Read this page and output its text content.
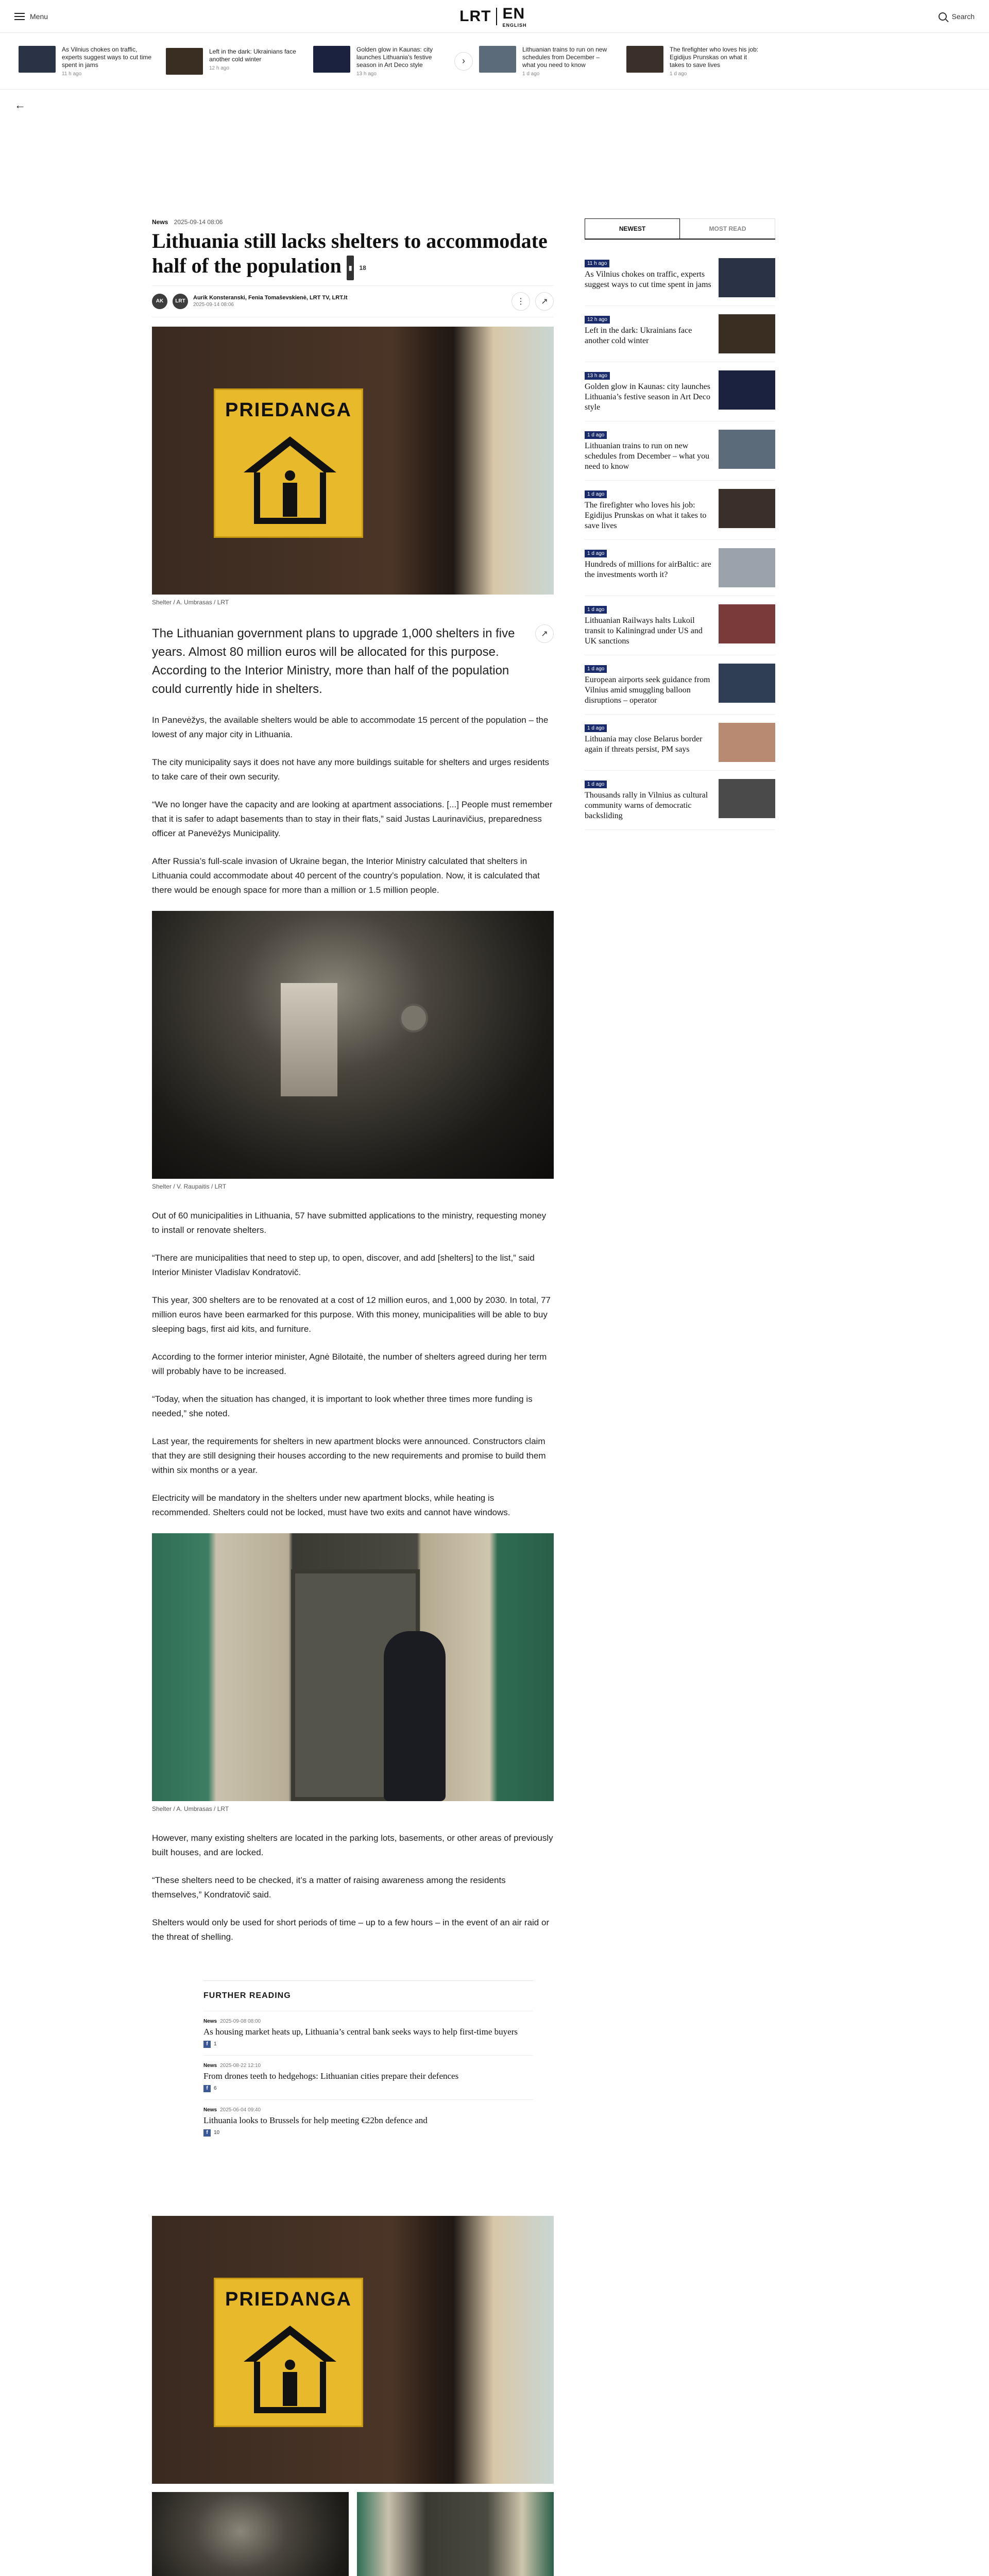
Menu	LRT EN
ENGLISH
Search
As Vilnius chokes on traffic, experts suggest ways to cut time spent in jams
11 h ago
Left in the dark: Ukrainians face another cold winter
12 h ago
Golden glow in Kaunas: city launches Lithuania's festive season in Art Deco style
13 h ago
›
Lithuanian trains to run on new schedules from December – what you need to know
1 d ago
The firefighter who loves his job: Egidijus Prunskas on what it takes to save lives
1 d ago
←
News 2025-09-14 08:06
Lithuania still lacks shelters to accommodate half of the population ▮ 18
AK	LRT
Aurik Konsteranski, Fenia Tomaševskienė, LRT TV, LRT.lt
2025-09-14 08:06	⋮	↗
PRIEDANGA
Shelter / A. Umbrasas / LRT

The Lithuanian government plans to upgrade 1,000 shelters in five years. Almost 80 million euros will be allocated for this purpose. According to the Interior Ministry, more than half of the population could currently hide in shelters.

↗

In Panevėžys, the available shelters would be able to accommodate 15 percent of the population – the lowest of any major city in Lithuania.

The city municipality says it does not have any more buildings suitable for shelters and urges residents to take care of their own security.

“We no longer have the capacity and are looking at apartment associations. [...] People must remember that it is safer to adapt basements than to stay in their flats,” said Justas Laurinavičius, preparedness officer at Panevėžys Municipality.

After Russia’s full-scale invasion of Ukraine began, the Interior Ministry calculated that shelters in Lithuania could accommodate about 40 percent of the country’s population. Now, it is calculated that there would be enough space for more than a million or 1.5 million people.

Shelter / V. Raupaitis / LRT

Out of 60 municipalities in Lithuania, 57 have submitted applications to the ministry, requesting money to install or renovate shelters.

“There are municipalities that need to step up, to open, discover, and add [shelters] to the list,” said Interior Minister Vladislav Kondratovič.

This year, 300 shelters are to be renovated at a cost of 12 million euros, and 1,000 by 2030. In total, 77 million euros have been earmarked for this purpose. With this money, municipalities will be able to buy sleeping bags, first aid kits, and furniture.

According to the former interior minister, Agnė Bilotaitė, the number of shelters agreed during her term will probably have to be increased.

“Today, when the situation has changed, it is important to look whether three times more funding is needed,” she noted.

Last year, the requirements for shelters in new apartment blocks were announced. Constructors claim that they are still designing their houses according to the new requirements and promise to build them within six months or a year.

Electricity will be mandatory in the shelters under new apartment blocks, while heating is recommended. Shelters could not be locked, must have two exits and cannot have windows.

Shelter / A. Umbrasas / LRT

However, many existing shelters are located in the parking lots, basements, or other areas of previously built houses, and are locked.

“These shelters need to be checked, it’s a matter of raising awareness among the residents themselves,” Kondratovič said.

Shelters would only be used for short periods of time – up to a few hours – in the event of an air raid or the threat of shelling.

FURTHER READING
News 2025-09-08 08:00
As housing market heats up, Lithuania’s central bank seeks ways to help first-time buyers
f	1
News 2025-08-22 12:10
From drones teeth to hedgehogs: Lithuanian cities prepare their defences
f	6
News 2025-06-04 09:40
Lithuania looks to Brussels for help meeting €22bn defence and
f	10
PRIEDANGA
NEWEST	MOST READ
11 h ago
As Vilnius chokes on traffic, experts suggest ways to cut time spent in jams
12 h ago
Left in the dark: Ukrainians face another cold winter
13 h ago
Golden glow in Kaunas: city launches Lithuania’s festive season in Art Deco style
1 d ago
Lithuanian trains to run on new schedules from December – what you need to know
1 d ago
The firefighter who loves his job: Egidijus Prunskas on what it takes to save lives
1 d ago
Hundreds of millions for airBaltic: are the investments worth it?
1 d ago
Lithuanian Railways halts Lukoil transit to Kaliningrad under US and UK sanctions
1 d ago
European airports seek guidance from Vilnius amid smuggling balloon disruptions – operator
1 d ago
Lithuania may close Belarus border again if threats persist, PM says
1 d ago
Thousands rally in Vilnius as cultural community warns of democratic backsliding
